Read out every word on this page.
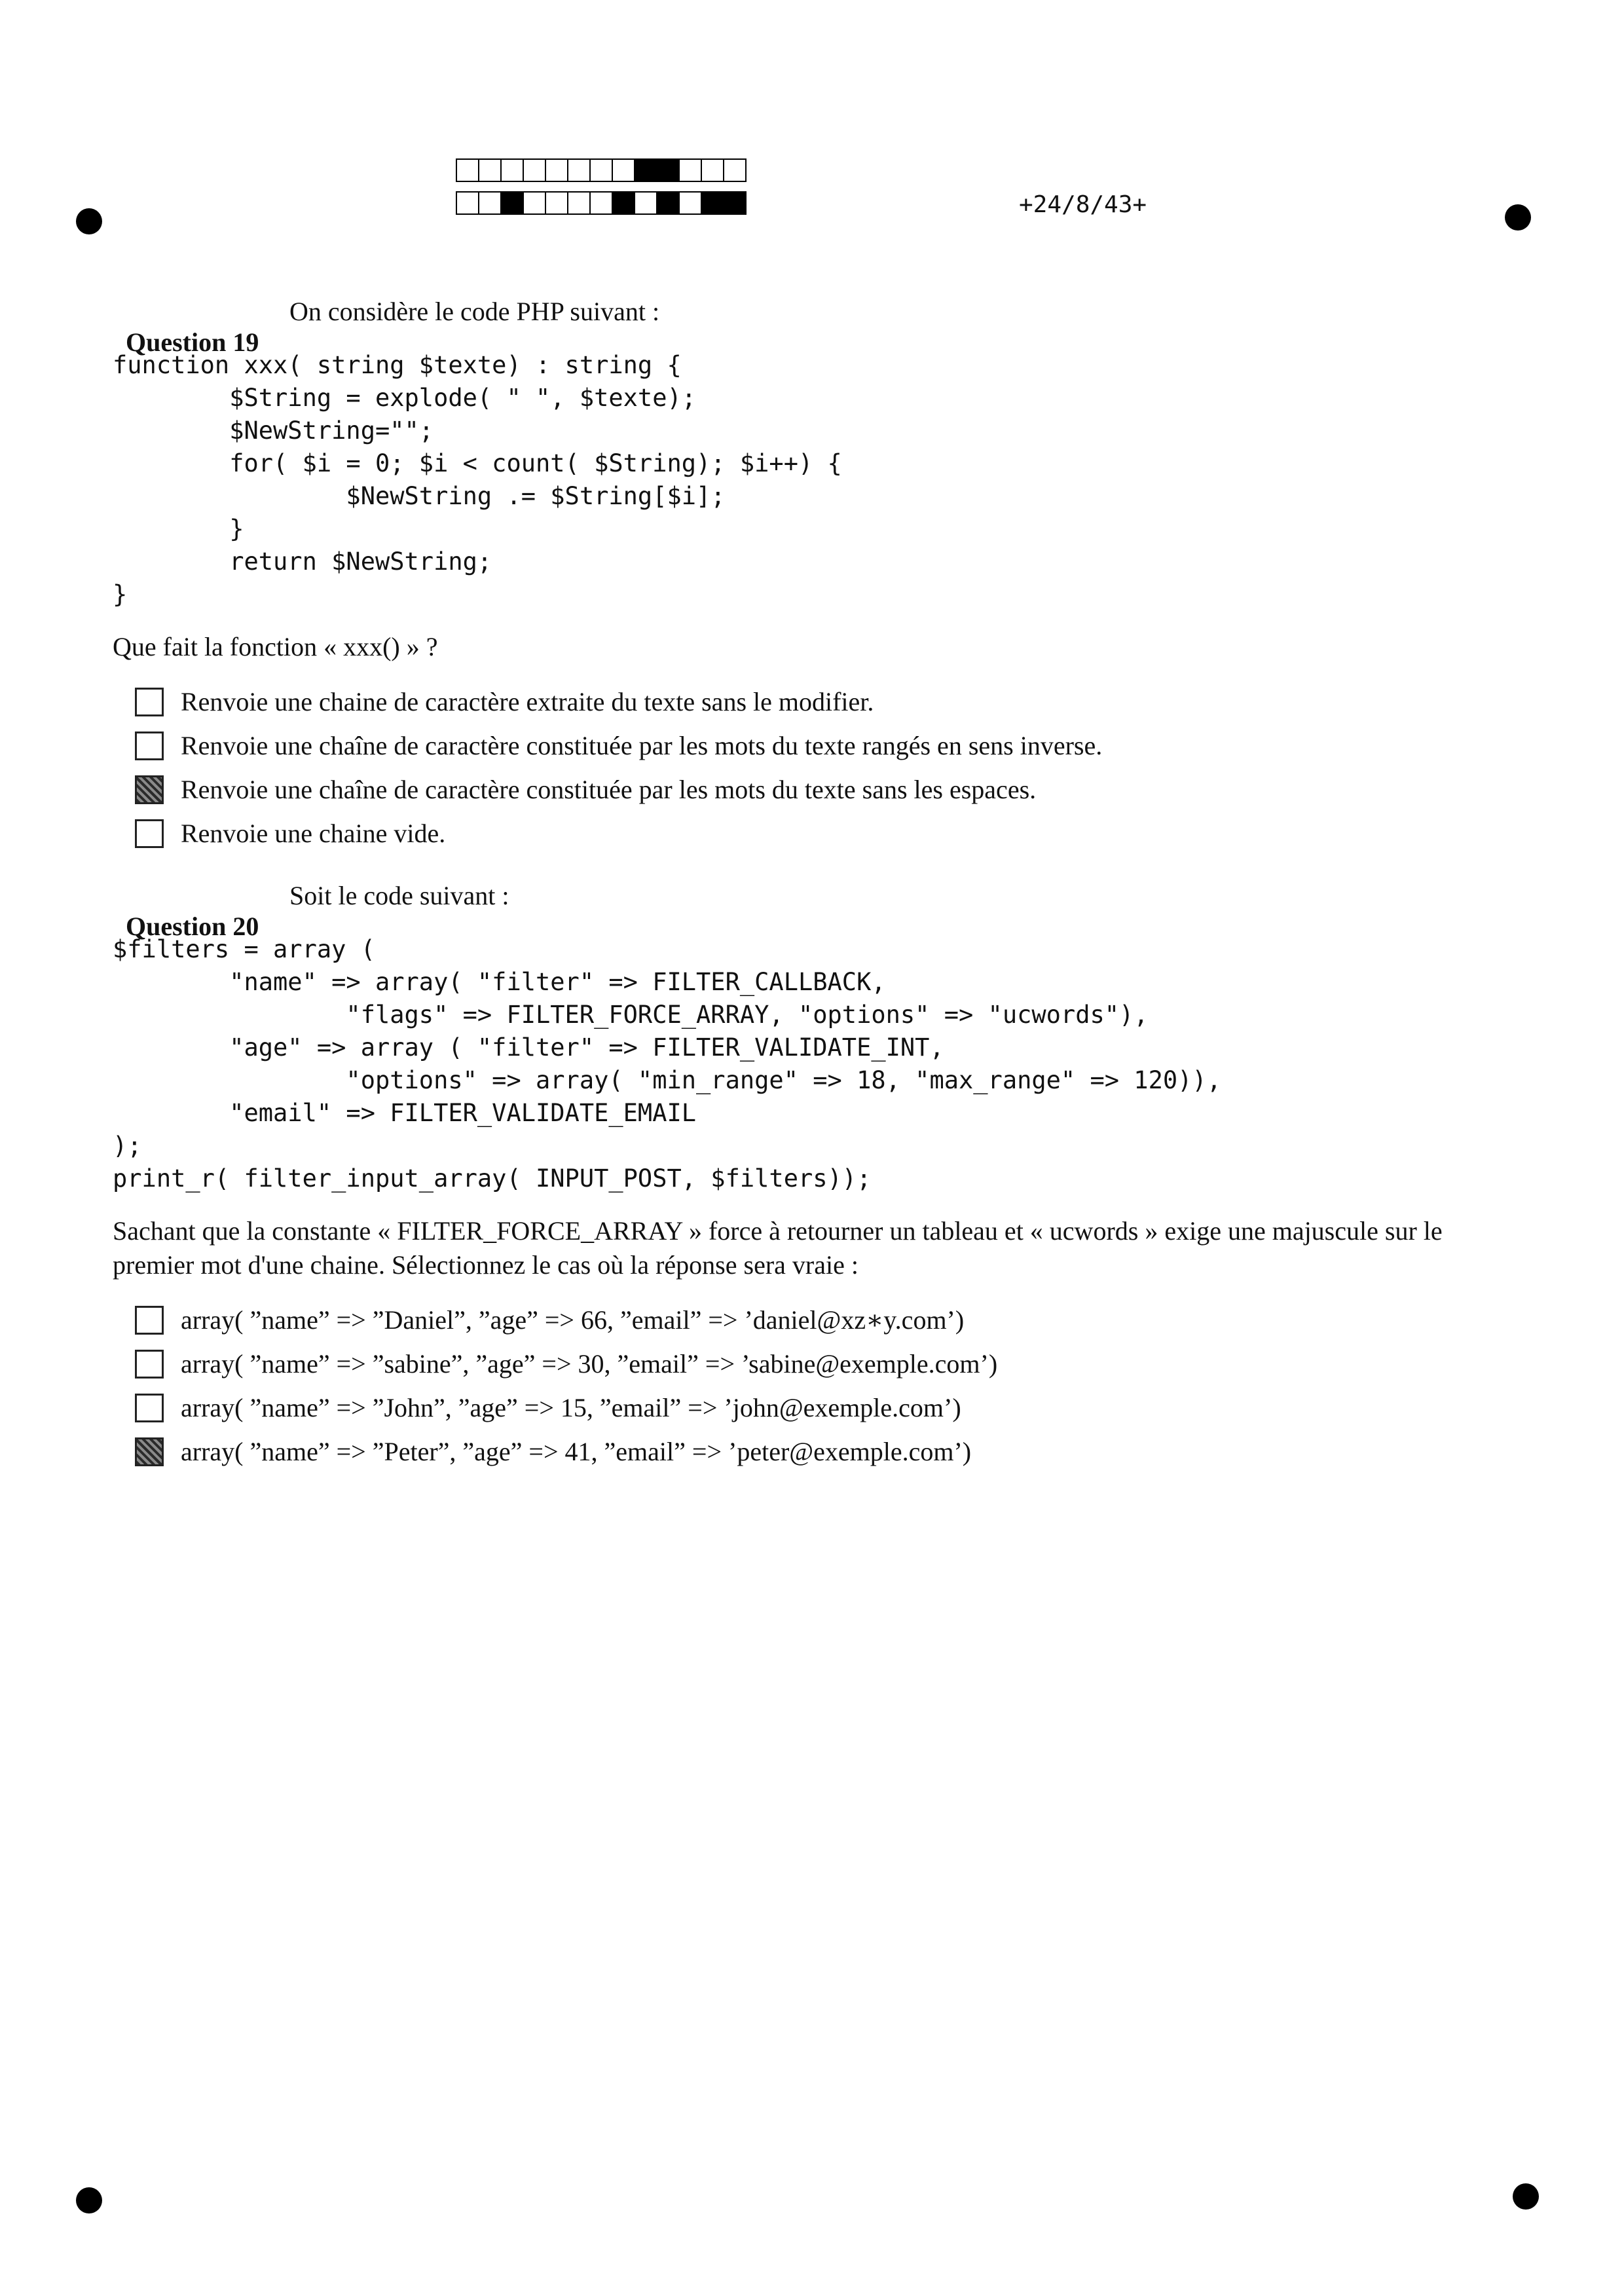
+24/8/43+

Question 19

On considère le code PHP suivant :

function xxx( string $texte) : string {
$String = explode( " ", $texte);
$NewString="";
for( $i = 0; $i < count( $String); $i++) {
$NewString .= $String[$i];
}
return $NewString;
}
Que fait la fonction « xxx() » ?
Renvoie une chaine de caractère extraite du texte sans le modifier.
Renvoie une chaîne de caractère constituée par les mots du texte rangés en sens inverse.
Renvoie une chaîne de caractère constituée par les mots du texte sans les espaces.
Renvoie une chaine vide.

Question 20

Soit le code suivant :

$filters = array (
"name" => array( "filter" => FILTER_CALLBACK,
"flags" => FILTER_FORCE_ARRAY, "options" => "ucwords"),
"age" => array ( "filter" => FILTER_VALIDATE_INT,
"options" => array( "min_range" => 18, "max_range" => 120)),
"email" => FILTER_VALIDATE_EMAIL
);
print_r( filter_input_array( INPUT_POST, $filters));
Sachant que la constante « FILTER_FORCE_ARRAY » force à retourner un tableau et « ucwords » exige une majuscule sur le premier mot d'une chaine. Sélectionnez le cas où la réponse sera vraie :
array( ”name” => ”Daniel”, ”age” => 66, ”email” => ’daniel@xz∗y.com’)
array( ”name” => ”sabine”, ”age” => 30, ”email” => ’sabine@exemple.com’)
array( ”name” => ”John”, ”age” => 15, ”email” => ’john@exemple.com’)
array( ”name” => ”Peter”, ”age” => 41, ”email” => ’peter@exemple.com’)
